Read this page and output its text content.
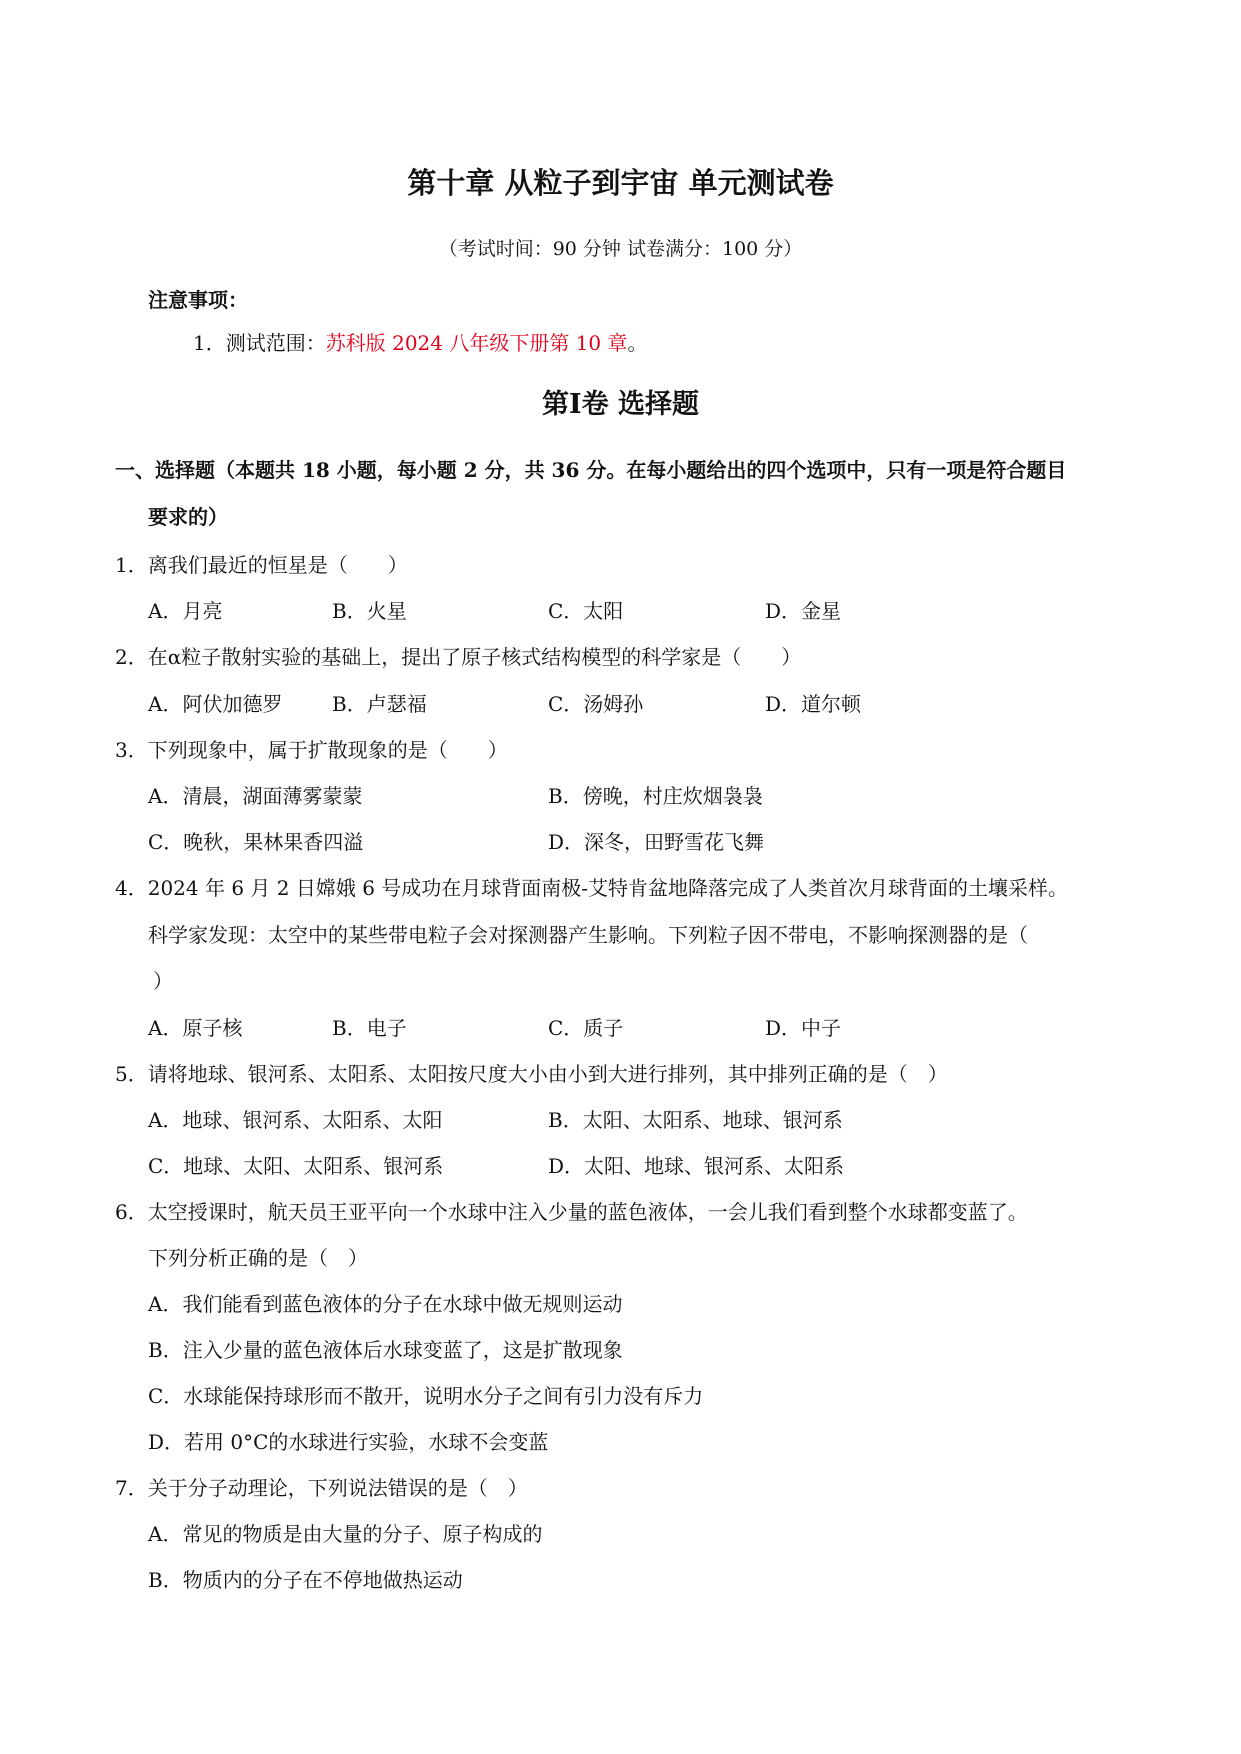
第十章 从粒子到宇宙 单元测试卷
（考试时间：90 分钟 试卷满分：100 分）
注意事项：
1．测试范围：苏科版 2024 八年级下册第 10 章。
第Ⅰ卷 选择题
一、选择题（本题共 18 小题，每小题 2 分，共 36 分。在每小题给出的四个选项中，只有一项是符合题目
要求的）
1．离我们最近的恒星是（　　）
A．月亮	B．火星	C．太阳	D．金星
2．在α粒子散射实验的基础上，提出了原子核式结构模型的科学家是（　　）
A．阿伏加德罗 B．卢瑟福	C．汤姆孙	D．道尔顿
3．下列现象中，属于扩散现象的是（　　）
A．清晨，湖面薄雾蒙蒙	B．傍晚，村庄炊烟袅袅
C．晚秋，果林果香四溢	D．深冬，田野雪花飞舞
4．2024 年 6 月 2 日嫦娥 6 号成功在月球背面南极-艾特肯盆地降落完成了人类首次月球背面的土壤采样。
科学家发现：太空中的某些带电粒子会对探测器产生影响。下列粒子因不带电，不影响探测器的是（
）
A．原子核	B．电子	C．质子	D．中子
5．请将地球、银河系、太阳系、太阳按尺度大小由小到大进行排列，其中排列正确的是（　）
A．地球、银河系、太阳系、太阳	B．太阳、太阳系、地球、银河系
C．地球、太阳、太阳系、银河系	D．太阳、地球、银河系、太阳系
6．太空授课时，航天员王亚平向一个水球中注入少量的蓝色液体，一会儿我们看到整个水球都变蓝了。
下列分析正确的是（　）
A．我们能看到蓝色液体的分子在水球中做无规则运动
B．注入少量的蓝色液体后水球变蓝了，这是扩散现象
C．水球能保持球形而不散开，说明水分子之间有引力没有斥力
D．若用 0°C的水球进行实验，水球不会变蓝
7．关于分子动理论，下列说法错误的是（　）
A．常见的物质是由大量的分子、原子构成的
B．物质内的分子在不停地做热运动
